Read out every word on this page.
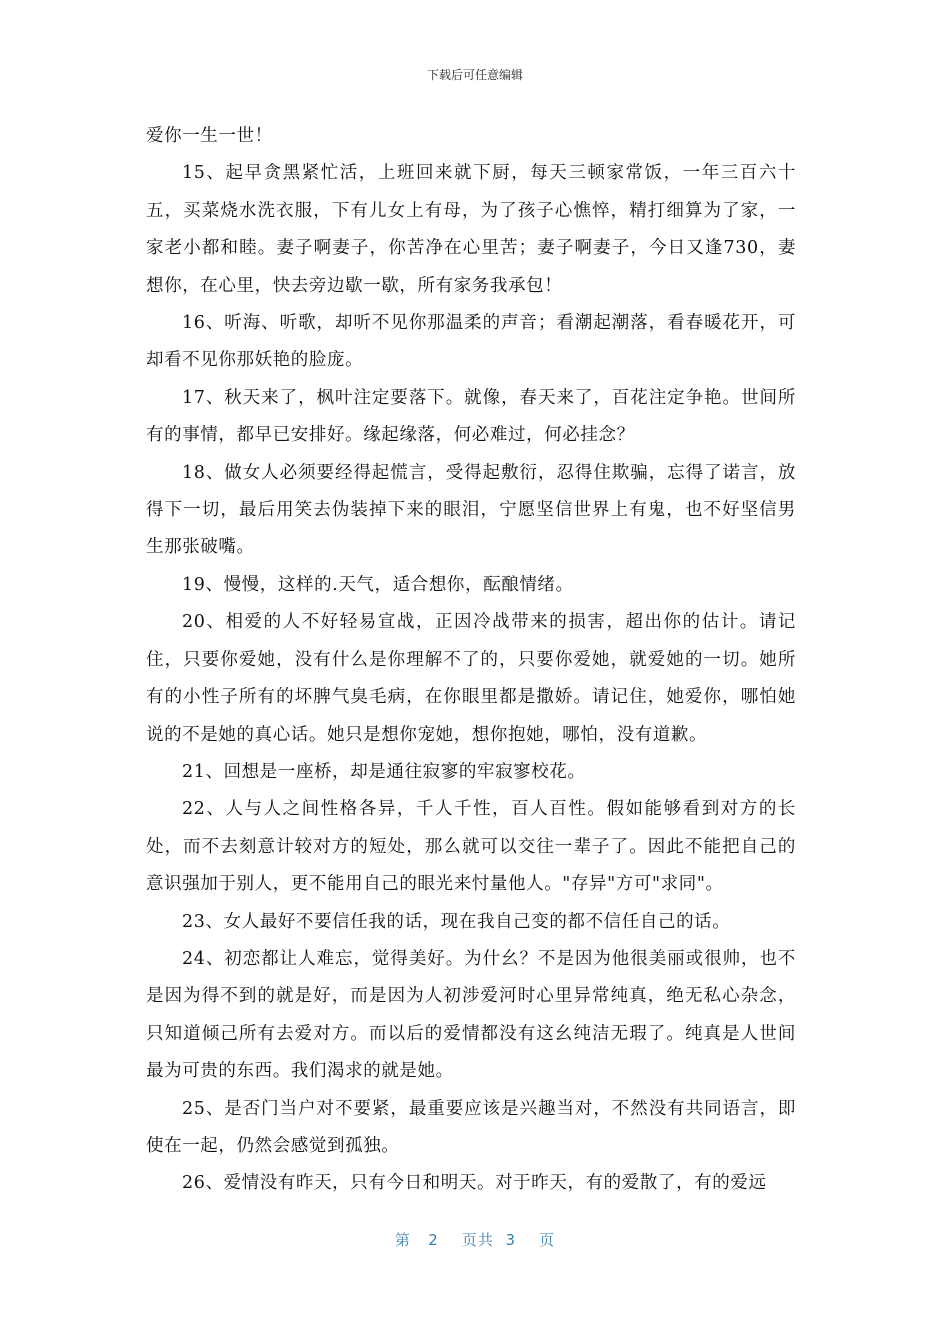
下载后可任意编辑

爱你一生一世！

15、起早贪黑紧忙活，上班回来就下厨，每天三顿家常饭，一年三百六十五，买菜烧水洗衣服，下有儿女上有母，为了孩子心憔悴，精打细算为了家，一家老小都和睦。妻子啊妻子，你苦净在心里苦；妻子啊妻子，今日又逢730，妻想你，在心里，快去旁边歇一歇，所有家务我承包！

16、听海、听歌，却听不见你那温柔的声音；看潮起潮落，看春暖花开，可却看不见你那妖艳的脸庞。

17、秋天来了，枫叶注定要落下。就像，春天来了，百花注定争艳。世间所有的事情，都早已安排好。缘起缘落，何必难过，何必挂念？

18、做女人必须要经得起慌言，受得起敷衍，忍得住欺骗，忘得了诺言，放得下一切，最后用笑去伪装掉下来的眼泪，宁愿坚信世界上有鬼，也不好坚信男生那张破嘴。

19、慢慢，这样的.天气，适合想你，酝酿情绪。

20、相爱的人不好轻易宣战，正因冷战带来的损害，超出你的估计。请记住，只要你爱她，没有什么是你理解不了的，只要你爱她，就爱她的一切。她所有的小性子所有的坏脾气臭毛病，在你眼里都是撒娇。请记住，她爱你，哪怕她说的不是她的真心话。她只是想你宠她，想你抱她，哪怕，没有道歉。

21、回想是一座桥，却是通往寂寥的牢寂寥校花。

22、人与人之间性格各异，千人千性，百人百性。假如能够看到对方的长处，而不去刻意计较对方的短处，那么就可以交往一辈子了。因此不能把自己的意识强加于别人，更不能用自己的眼光来忖量他人。"存异"方可"求同"。

23、女人最好不要信任我的话，现在我自己变的都不信任自己的话。

24、初恋都让人难忘，觉得美好。为什幺？不是因为他很美丽或很帅，也不是因为得不到的就是好，而是因为人初涉爱河时心里异常纯真，绝无私心杂念，只知道倾己所有去爱对方。而以后的爱情都没有这幺纯洁无瑕了。纯真是人世间最为可贵的东西。我们渴求的就是她。

25、是否门当户对不要紧，最重要应该是兴趣当对，不然没有共同语言，即使在一起，仍然会感觉到孤独。

26、爱情没有昨天，只有今日和明天。对于昨天，有的爱散了，有的爱远

第 2 页共 3 页
